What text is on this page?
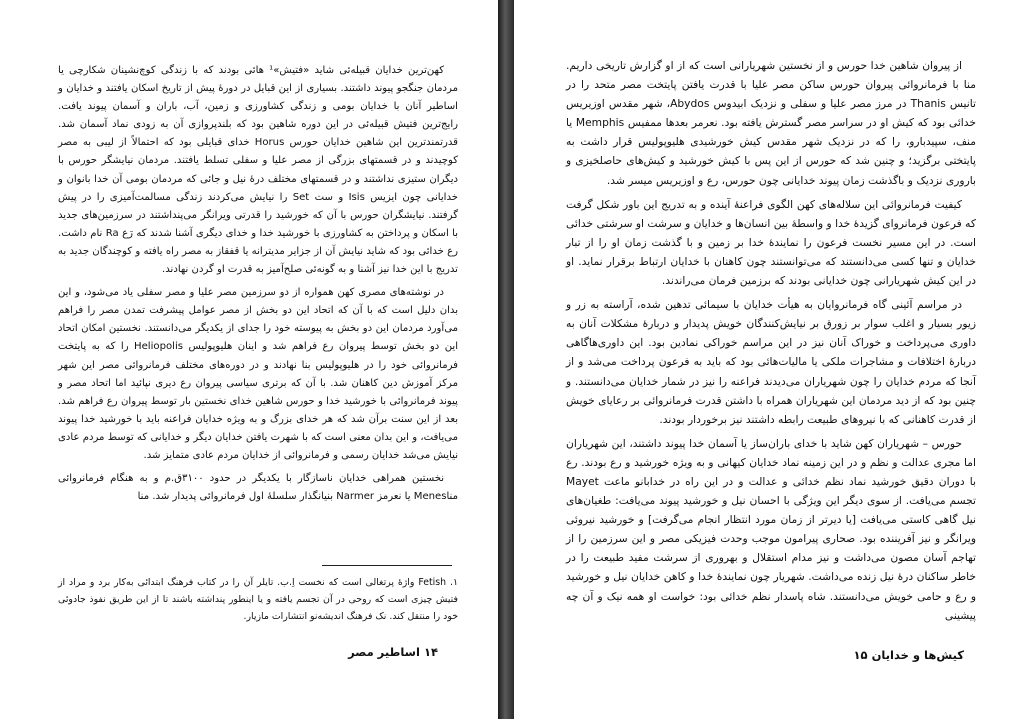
کهن‌ترین خدایان قبیله‌ئی شاید «فتیش»¹ هائی بودند که با زندگی کوچ‌نشینان شکارچی یا مردمان جنگجو پیوند داشتند. بسیاری از این قبایل در دورهٔ پیش از تاریخ اسکان یافتند و خدایان و اساطیر آنان با خدایان بومی و زندگی کشاورزی و زمین، آب، باران و آسمان پیوند یافت. رایج‌ترین فتیش قبیله‌ئی در این دوره شاهین بود که بلندپروازی آن به زودی نماد آسمان شد. قدرتمندترین این شاهین خدایان حورس Horus خدای قبایلی بود که احتمالاً از لیبی به مصر کوچیدند و در قسمتهای بزرگی از مصر علیا و سفلی تسلط یافتند. مردمان نیایشگر حورس با دیگران ستیزی نداشتند و در قسمتهای مختلف درهٔ نیل و جائی که مردمان بومی آن خدا بانوان و خدایانی چون ایزیس Isis و ست Set را نیایش می‌کردند زندگی مسالمت‌آمیزی را در پیش گرفتند. نیایشگران حورس با آن که خورشید را قدرتی ویرانگر می‌پنداشتند در سرزمین‌های جدید با اسکان و پرداختن به کشاورزی با خورشید خدا و خدای دیگری آشنا شدند که رَع Ra نام داشت. رع خدائی بود که شاید نیایش آن از جزایر مدیترانه یا قفقاز به مصر راه یافته و کوچندگان جدید به تدریج با این خدا نیز آشنا و به گونه‌ئی صلح‌آمیز به قدرت او گردن نهادند.

در نوشته‌های مصری کهن همواره از دو سرزمین مصر علیا و مصر سفلی یاد می‌شود، و این بدان دلیل است که با آن که اتحاد این دو بخش از مصر عوامل پیشرفت تمدن مصر را فراهم می‌آورد مردمان این دو بخش به پیوسته خود را جدای از یکدیگر می‌دانستند. نخستین امکان اتحاد این دو بخش توسط پیروان رع فراهم شد و اینان هلیوپولیس Heliopolis را که به پایتخت فرمانروائی خود را در هلیوپولیس بنا نهادند و در دوره‌های مختلف فرمانروائی مصر این شهر مرکز آموزش دین کاهنان شد. با آن که برتری سیاسی پیروان رع دیری نپائید اما اتحاد مصر و پیوند فرمانروائی با خورشید خدا و حورس شاهین خدای نخستین بار توسط پیروان رع فراهم شد. بعد از این سنت برآن شد که هر خدای بزرگ و به ویژه خدایان فراعنه باید با خورشید خدا پیوند می‌یافت، و این بدان معنی است که با شهرت یافتن خدایان دیگر و خدایانی که توسط مردم عادی نیایش می‌شد خدایان رسمی و فرمانروائی از خدایان مردم عادی متمایز شد.

نخستین همراهی خدایان ناسازگار با یکدیگر در حدود ۳۱۰۰ق.م و به هنگام فرمانروائی مناMenes یا نعرمز Narmer بنیانگذار سلسلهٔ اول فرمانروائی پدیدار شد. منا

۱. Fetish واژهٔ پرتغالی است که نخست اِ.ب. تایلر آن را در کتاب فرهنگ ابتدائی به‌کار برد و مراد از فتیش چیزی است که روحی در آن تجسم یافته و یا اینطور پنداشته باشند تا از این طریق نفوذ جادوئی خود را منتقل کند. نک فرهنگ اندیشه‌نو انتشارات مازیار.
۱۴ اساطیر مصر

از پیروان شاهین خدا حورس و از نخستین شهریارانی است که از او گزارش تاریخی داریم. منا با فرمانروائی پیروان حورس ساکن مصر علیا با قدرت یافتن پایتخت مصر متحد را در تانیس Thanis در مرز مصر علیا و سفلی و نزدیک ابیدوس Abydos، شهر مقدس اوزیریس خدائی بود که کیش او در سراسر مصر گسترش یافته بود. نعرمر بعدها ممفیس Memphis یا منف، سپیدبارو، را که در نزدیک شهر مقدس کیش خورشیدی هلیوپولیس قرار داشت به پایتختی برگزید؛ و چنین شد که حورس از این پس با کیش خورشید و کیش‌های حاصلخیزی و باروری نزدیک و باگذشت زمان پیوند خدایانی چون حورس، رع و اوزیریس میسر شد.

کیفیت فرمانروائی این سلاله‌های کهن الگوی فراعنهٔ آینده و به تدریج این باور شکل گرفت که فرعون فرمانروای گزیدهٔ خدا و واسطهٔ بین انسان‌ها و خدایان و سرشت او سرشتی خدائی است. در این مسیر نخست فرعون را نمایندهٔ خدا بر زمین و با گذشت زمان او را از تبار خدایان و تنها کسی می‌دانستند که می‌توانستند چون کاهنان با خدایان ارتباط برقرار نماید. او در این کیش شهریارانی چون خدایانی بودند که برزمین فرمان می‌راندند.

در مراسم آئینی گاه فرمانروایان به هیأت خدایان با سیمائی تدهین شده، آراسته به زر و زیور بسیار و اغلب سوار بر زورق بر نیایش‌کنندگان خویش پدیدار و دربارهٔ مشکلات آنان به داوری می‌پرداخت و خوراک آنان نیز در این مراسم خوراکی نمادین بود. این داوری‌هاگاهی دربارهٔ اختلافات و مشاجرات ملکی یا مالیات‌هائی بود که باید به فرعون پرداخت می‌شد و از آنجا که مردم خدایان را چون شهریاران می‌دیدند فراعنه را نیز در شمار خدایان می‌دانستند. و چنین بود که از دید مردمان این شهریاران همراه با داشتن قدرت فرمانروائی بر رعایای خویش از قدرت کاهنانی که با نیروهای طبیعت رابطه داشتند نیز برخوردار بودند.

حورس – شهریاران کهن شاید با خدای باران‌ساز یا آسمان خدا پیوند داشتند، این شهریاران اما مجری عدالت و نظم و در این زمینه نماد خدایان کیهانی و به ویژه خورشید و رع بودند. رع با دوران دقیق خورشید نماد نظم خدائی و عدالت و در این راه در خدابانو ماعت Mayet تجسم می‌یافت. از سوی دیگر این ویژگی با احسان نیل و خورشید پیوند می‌یافت: طغیان‌های نیل گاهی کاستی می‌یافت [یا دیرتر از زمان مورد انتظار انجام می‌گرفت] و خورشید نیروئی ویرانگر و نیز آفریننده بود. صحاری پیرامون موجب وحدت فیزیکی مصر و این سرزمین را از تهاجم آسان مصون می‌داشت و نیز مدام استقلال و بهروری از سرشت مفید طبیعت را در خاطر ساکنان درهٔ نیل زنده می‌داشت. شهریار چون نمایندهٔ خدا و کاهن خدایان نیل و خورشید و رع و حامی خویش می‌دانستند. شاه پاسدار نظم خدائی بود: خواست او همه نیک و آن چه پیشینی

کیش‌ها و خدایان ۱۵
